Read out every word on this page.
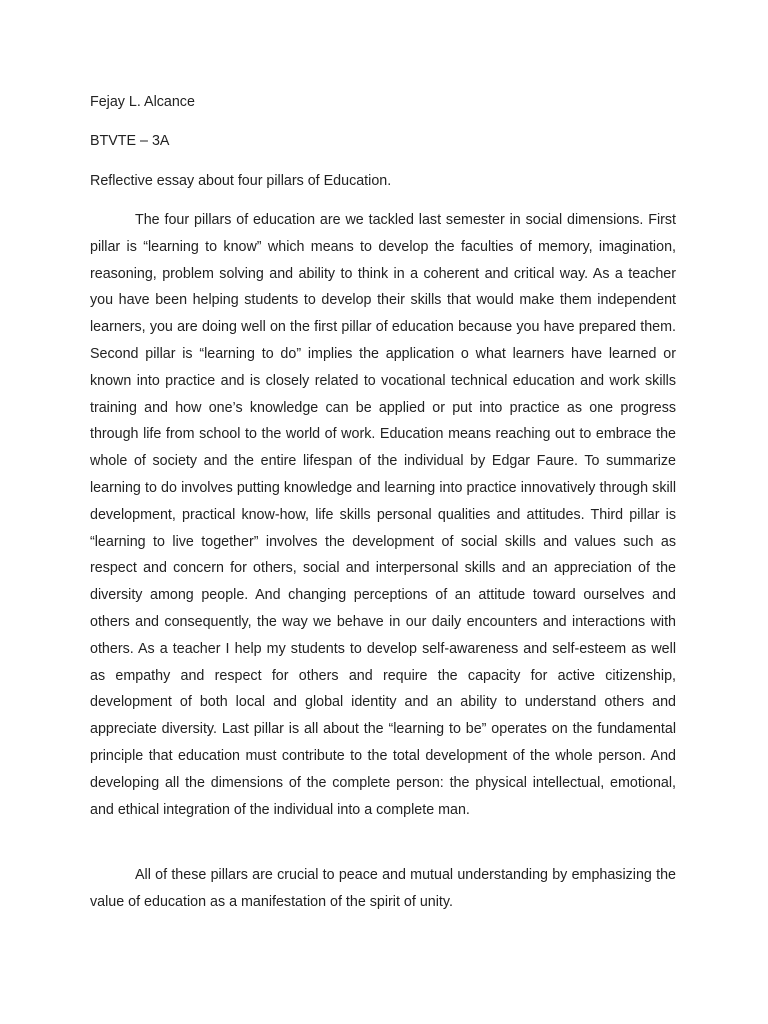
Fejay L. Alcance

BTVTE – 3A

Reflective essay about four pillars of Education.

The four pillars of education are we tackled last semester in social dimensions. First pillar is “learning to know” which means to develop the faculties of memory, imagination, reasoning, problem solving and ability to think in a coherent and critical way. As a teacher you have been helping students to develop their skills that would make them independent learners, you are doing well on the first pillar of education because you have prepared them. Second pillar is “learning to do” implies the application o what learners have learned or known into practice and is closely related to vocational technical education and work skills training and how one’s knowledge can be applied or put into practice as one progress through life from school to the world of work. Education means reaching out to embrace the whole of society and the entire lifespan of the individual by Edgar Faure. To summarize learning to do involves putting knowledge and learning into practice innovatively through skill development, practical know-how, life skills personal qualities and attitudes. Third pillar is “learning to live together” involves the development of social skills and values such as respect and concern for others, social and interpersonal skills and an appreciation of the diversity among people. And changing perceptions of an attitude toward ourselves and others and consequently, the way we behave in our daily encounters and interactions with others. As a teacher I help my students to develop self-awareness and self-esteem as well as empathy and respect for others and require the capacity for active citizenship, development of both local and global identity and an ability to understand others and appreciate diversity. Last pillar is all about the “learning to be” operates on the fundamental principle that education must contribute to the total development of the whole person. And developing all the dimensions of the complete person: the physical intellectual, emotional, and ethical integration of the individual into a complete man.

All of these pillars are crucial to peace and mutual understanding by emphasizing the value of education as a manifestation of the spirit of unity.
